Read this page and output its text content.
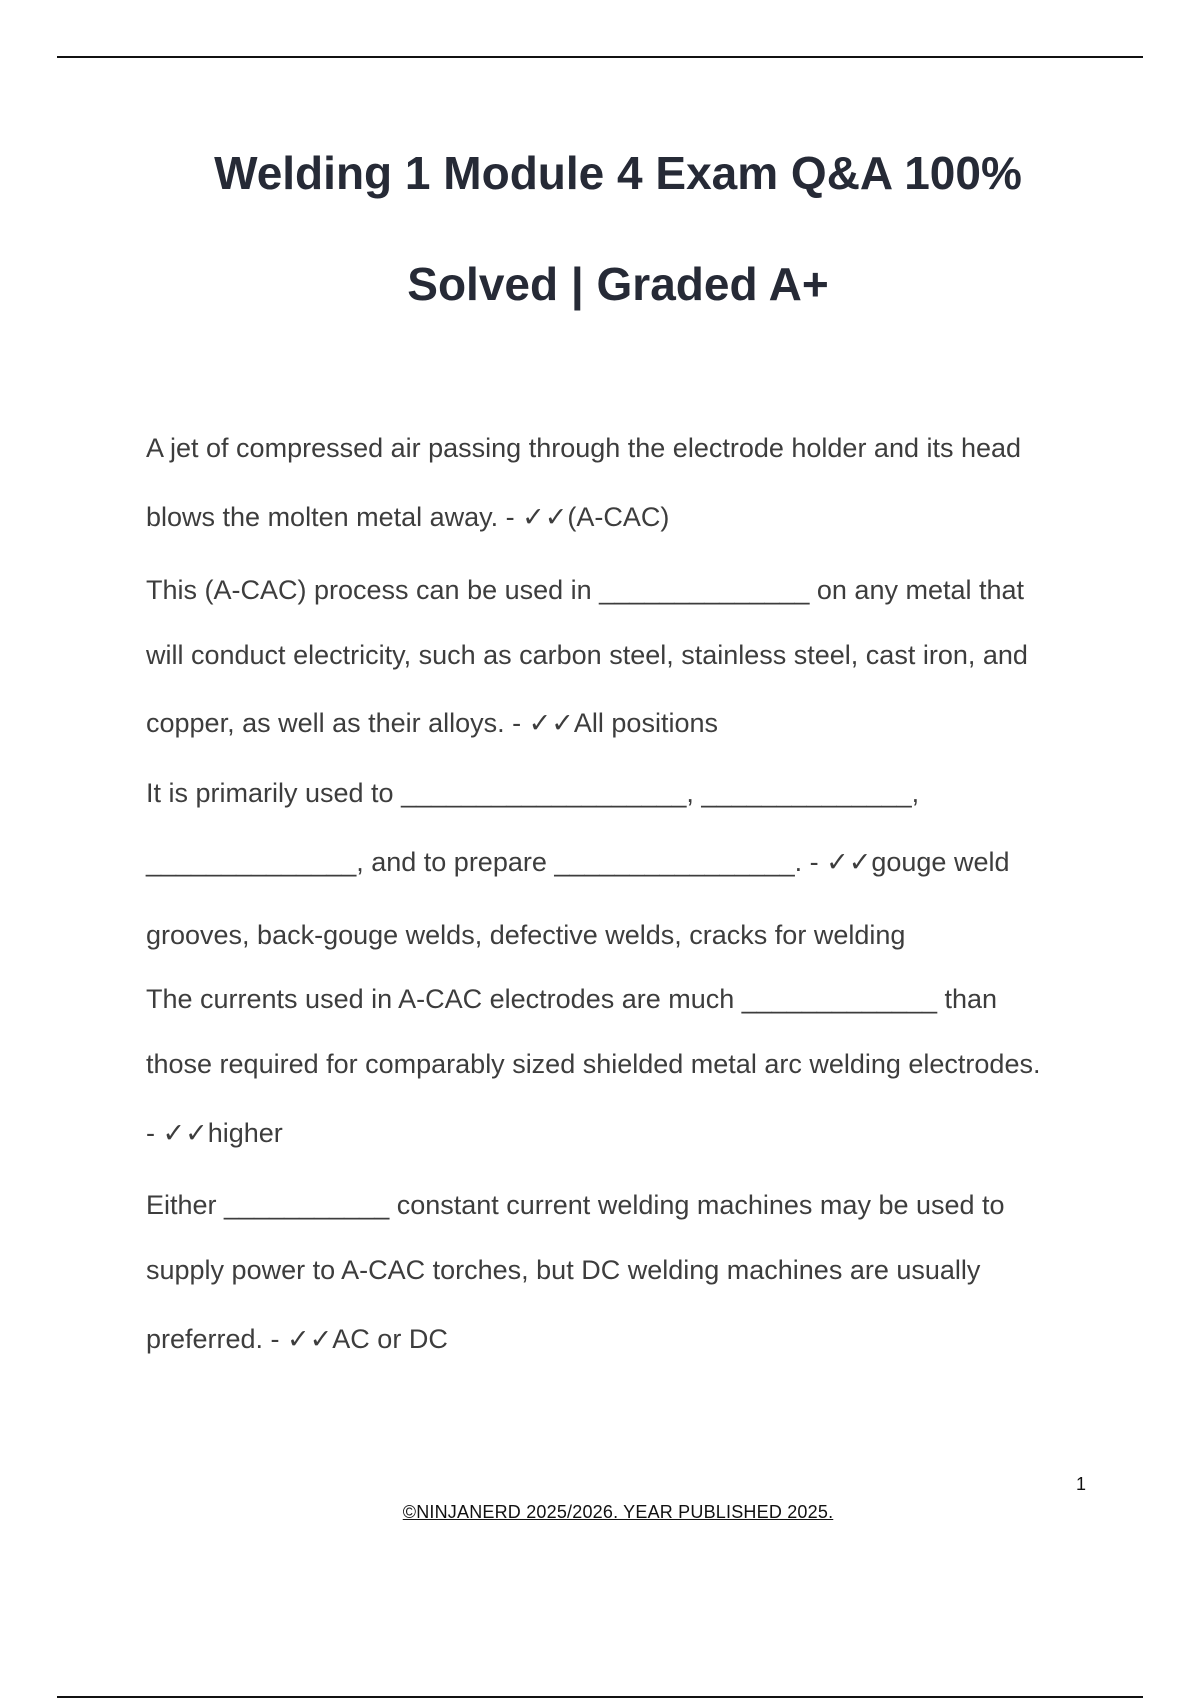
Welding 1 Module 4 Exam Q&A 100%
Solved | Graded A+

A jet of compressed air passing through the electrode holder and its head

blows the molten metal away. - ✓✓(A-CAC)

This (A-CAC) process can be used in ______________ on any metal that

will conduct electricity, such as carbon steel, stainless steel, cast iron, and

copper, as well as their alloys. - ✓✓All positions

It is primarily used to ___________________, ______________,

______________, and to prepare ________________. - ✓✓gouge weld

grooves, back-gouge welds, defective welds, cracks for welding

The currents used in A-CAC electrodes are much _____________ than

those required for comparably sized shielded metal arc welding electrodes.

- ✓✓higher

Either ___________ constant current welding machines may be used to

supply power to A-CAC torches, but DC welding machines are usually

preferred. - ✓✓AC or DC

1
©NINJANERD 2025/2026. YEAR PUBLISHED 2025.
